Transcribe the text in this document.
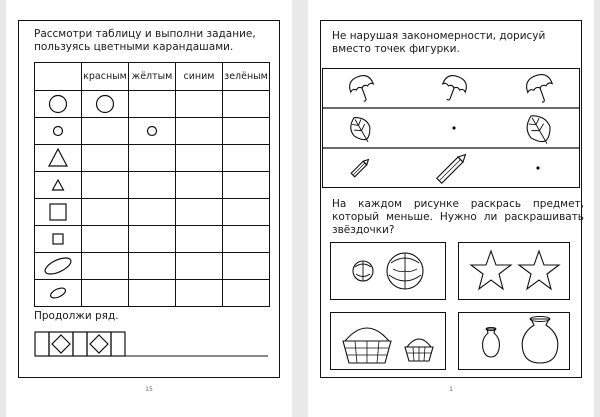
Рассмотри таблицу и выполни задание, пользуясь цветными карандашами.
	красным	жёлтым	синим	зелёным

Продолжи ряд.
15
Не нарушая закономерности, дорисуй вместо точек фигурки.
На каждом рисунке раскрась предмет, который меньше. Нужно ли раскрашивать звёздочки?
1
